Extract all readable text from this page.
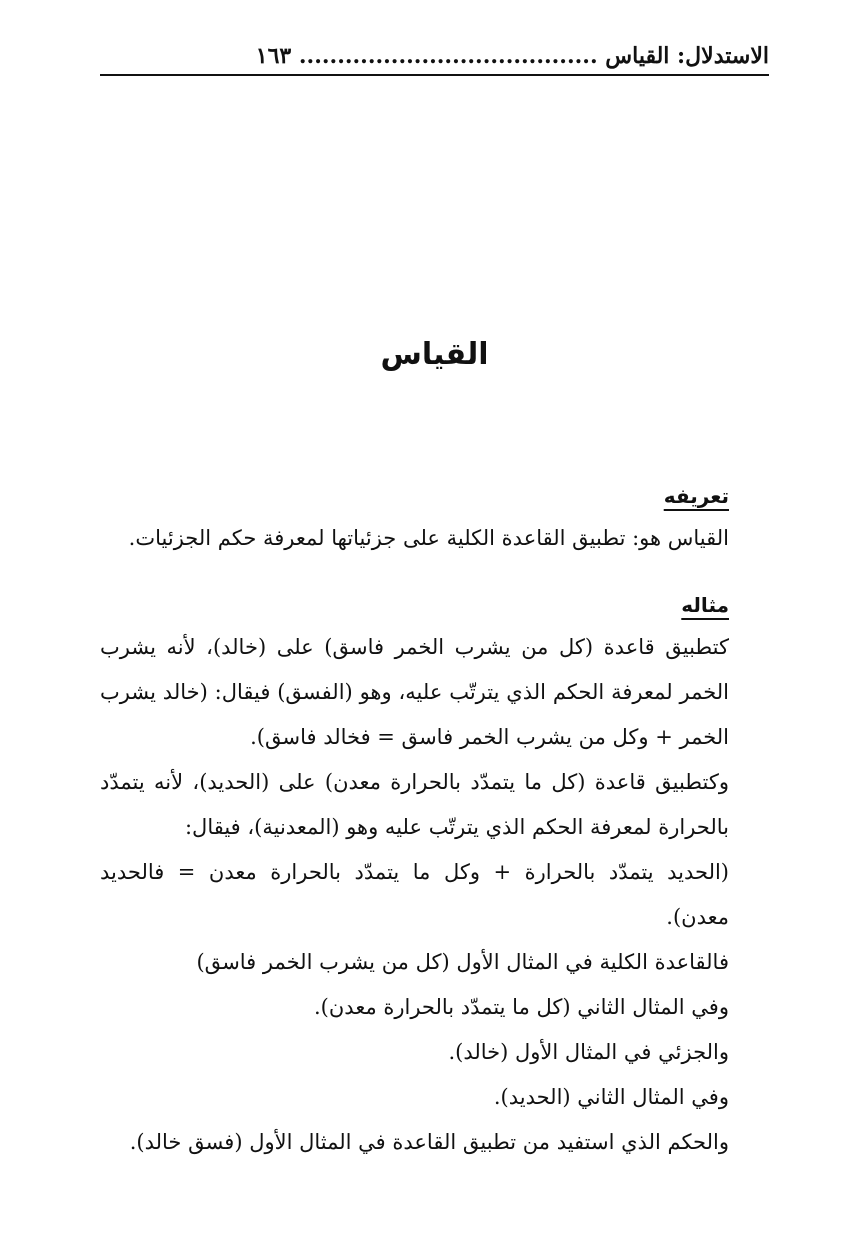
الاستدلال: القياس ....................................... ١٦٣
القياس

تعريفه

القياس هو: تطبيق القاعدة الكلية على جزئياتها لمعرفة حكم الجزئيات.

مثاله

كتطبيق قاعدة (كل من يشرب الخمر فاسق) على (خالد)، لأنه يشرب الخمر لمعرفة الحكم الذي يترتّب عليه، وهو (الفسق) فيقال: (خالد يشرب الخمر + وكل من يشرب الخمر فاسق = فخالد فاسق).

وكتطبيق قاعدة (كل ما يتمدّد بالحرارة معدن) على (الحديد)، لأنه يتمدّد بالحرارة لمعرفة الحكم الذي يترتّب عليه وهو (المعدنية)، فيقال:

(الحديد يتمدّد بالحرارة + وكل ما يتمدّد بالحرارة معدن = فالحديد معدن).

فالقاعدة الكلية في المثال الأول (كل من يشرب الخمر فاسق)
وفي المثال الثاني (كل ما يتمدّد بالحرارة معدن).
والجزئي في المثال الأول (خالد).
وفي المثال الثاني (الحديد).
والحكم الذي استفيد من تطبيق القاعدة في المثال الأول (فسق خالد).
